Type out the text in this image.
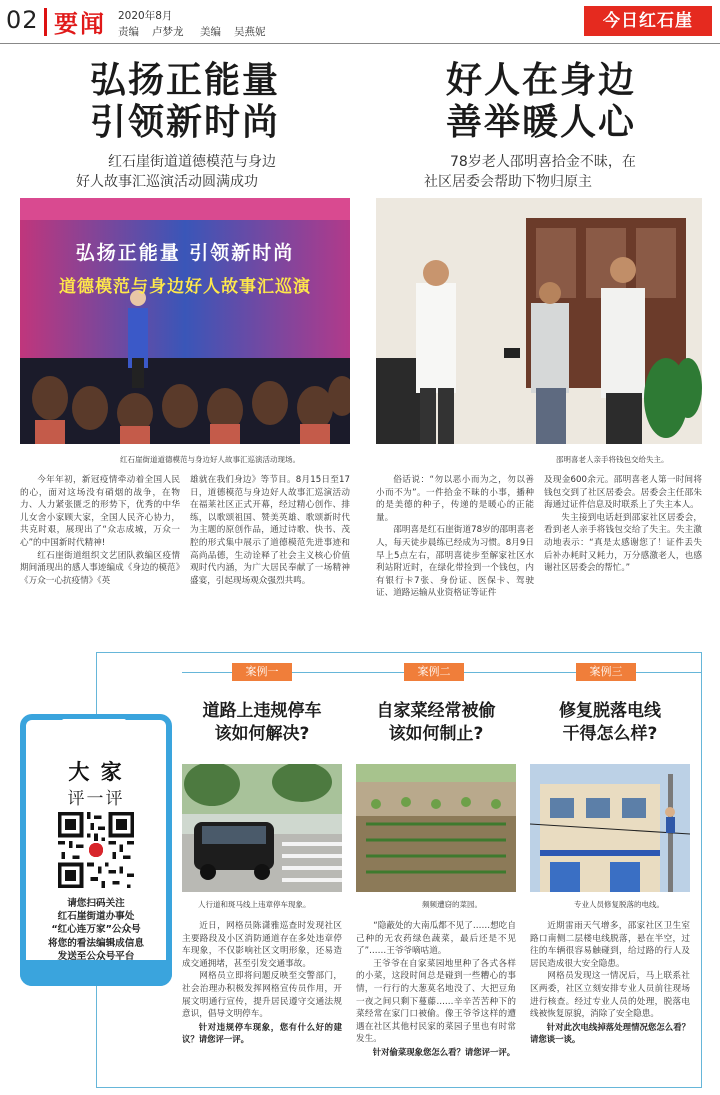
02 要闻 2020年8月
责编 卢梦龙 美编 吴燕妮
今日红石崖
弘扬正能量
引领新时尚
红石崖街道道德模范与身边
好人故事汇巡演活动圆满成功
弘扬正能量 引领新时尚
道德模范与身边好人故事汇巡演
红石崖街道道德模范与身边好人故事汇巡演活动现场。

今年年初，新冠疫情牵动着全国人民的心，面对这场没有硝烟的战争，在物力、人力紧张匮乏的形势下，优秀的中华儿女舍小家顾大家，全国人民齐心协力，共克时艰，展现出了“众志成城，万众一心”的中国新时代精神!

红石崖街道组织文艺团队救编区疫情期间涌现出的感人事迹编成《身边的模范》《万众一心抗疫情》《英

雄就在我们身边》等节目。8月15日至17日，道德模范与身边好人故事汇巡演活动在福莱社区正式开幕，经过精心创作、排练，以歌颂祖国、赞美英雄、歌颂新时代为主题的原创作品，通过诗歌、快书、茂腔的形式集中展示了道德模范先进事迹和高尚品德，生动诠释了社会主义核心价值观时代内涵，为广大居民奉献了一场精神盛宴，引起现场观众强烈共鸣。

好人在身边
善举暖人心
78岁老人邵明喜拾金不昧，在
社区居委会帮助下物归原主
邵明喜老人亲手将钱包交给失主。

俗话说：“勿以恶小而为之，勿以善小而不为”。一件拾金不昧的小事，播种的是美德的种子，传递的是暖心的正能量。

邵明喜是红石崖街道78岁的邵明喜老人，每天徒步晨练已经成为习惯。8月9日早上5点左右，邵明喜徒步至解家社区水利站附近时，在绿化带捡到一个钱包，内有银行卡7张、身份证、医保卡、驾驶证、道路运输从业资格证等证件

及现金600余元。邵明喜老人第一时间将钱包交到了社区居委会。居委会主任邵朱海通过证件信息及时联系上了失主本人。

失主接到电话赶到邵家社区居委会，看到老人亲手将钱包交给了失主。失主激动地表示：“真是太感谢您了！证件丢失后补办耗时又耗力，万分感激老人，也感谢社区居委会的帮忙。”

案例一	案例二	案例三
道路上违规停车
该如何解决?
人行道和斑马线上违章停车现象。

近日，网格员陈潇雅巡查时发现社区主要路段及小区消防通道存在多处违章停车现象，不仅影响社区文明形象，还易造成交通拥堵，甚至引发交通事故。

网格员立即将问题反映至交警部门，社会治理办积极发挥网格宣传员作用，开展文明通行宣传，提升居民遵守交通法规意识，倡导文明停车。

针对违规停车现象，您有什么好的建议？请您评一评。
自家菜经常被偷
该如何制止?
频频遭窃的菜园。

“隐蔽处的大南瓜都不见了……想吃自己种的无农药绿色蔬菜，最后还是不见了”……王爷爷嘀咕道。

王爷爷在自家菜园地里种了各式各样的小菜，这段时间总是碰到一些糟心的事情，一行行的大葱莫名地没了、大把豆角一夜之间只剩下蔓藤……辛辛苦苦种下的菜经常在家门口被偷。像王爷爷这样的遭遇在社区其他村民家的菜园子里也有时常发生。

针对偷菜现象您怎么看？请您评一评。
修复脱落电线
干得怎么样?
专业人员修复脱落的电线。

近期雷雨天气增多，邵家社区卫生室路口南侧二层楼电线脱落，悬在半空，过往的车辆很容易触碰到，给过路的行人及居民造成很大安全隐患。

网格员发现这一情况后，马上联系社区两委，社区立刻安排专业人员前往现场进行核查。经过专业人员的处理，脱落电线被恢复原貌，消除了安全隐患。

针对此次电线掉落处理情况您怎么看？请您谈一谈。
大 家
评一评
请您扫码关注
红石崖街道办事处
“红心连万家”公众号
将您的看法编辑成信息
发送至公众号平台
